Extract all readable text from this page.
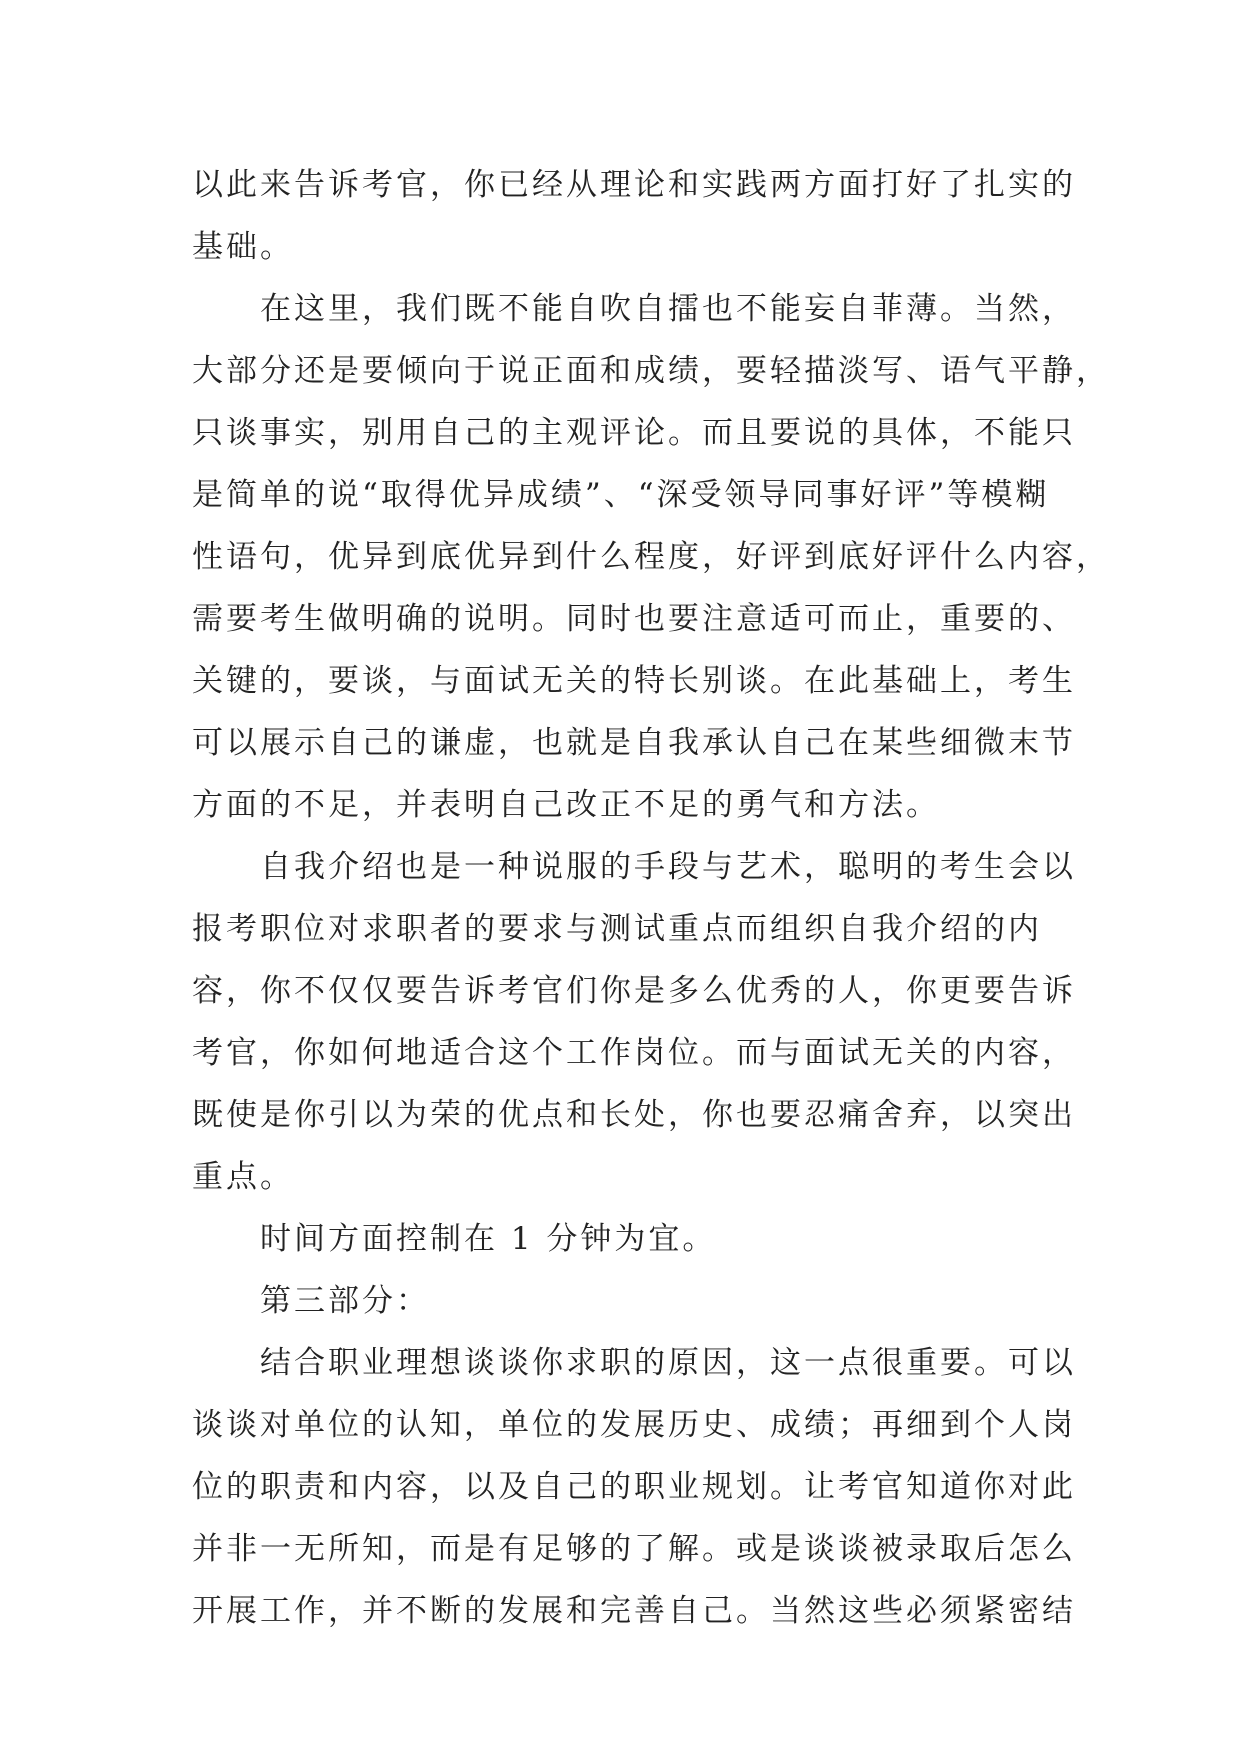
以此来告诉考官，你已经从理论和实践两方面打好了扎实的
基础。
在这里，我们既不能自吹自擂也不能妄自菲薄。当然，
大部分还是要倾向于说正面和成绩，要轻描淡写、语气平静，
只谈事实，别用自己的主观评论。而且要说的具体，不能只
是简单的说“取得优异成绩”、“深受领导同事好评”等模糊
性语句，优异到底优异到什么程度，好评到底好评什么内容，
需要考生做明确的说明。同时也要注意适可而止，重要的、
关键的，要谈，与面试无关的特长别谈。在此基础上，考生
可以展示自己的谦虚，也就是自我承认自己在某些细微末节
方面的不足，并表明自己改正不足的勇气和方法。
自我介绍也是一种说服的手段与艺术，聪明的考生会以
报考职位对求职者的要求与测试重点而组织自我介绍的内
容，你不仅仅要告诉考官们你是多么优秀的人，你更要告诉
考官，你如何地适合这个工作岗位。而与面试无关的内容，
既使是你引以为荣的优点和长处，你也要忍痛舍弃，以突出
重点。
时间方面控制在 1 分钟为宜。
第三部分：
结合职业理想谈谈你求职的原因，这一点很重要。可以
谈谈对单位的认知，单位的发展历史、成绩；再细到个人岗
位的职责和内容，以及自己的职业规划。让考官知道你对此
并非一无所知，而是有足够的了解。或是谈谈被录取后怎么
开展工作，并不断的发展和完善自己。当然这些必须紧密结
